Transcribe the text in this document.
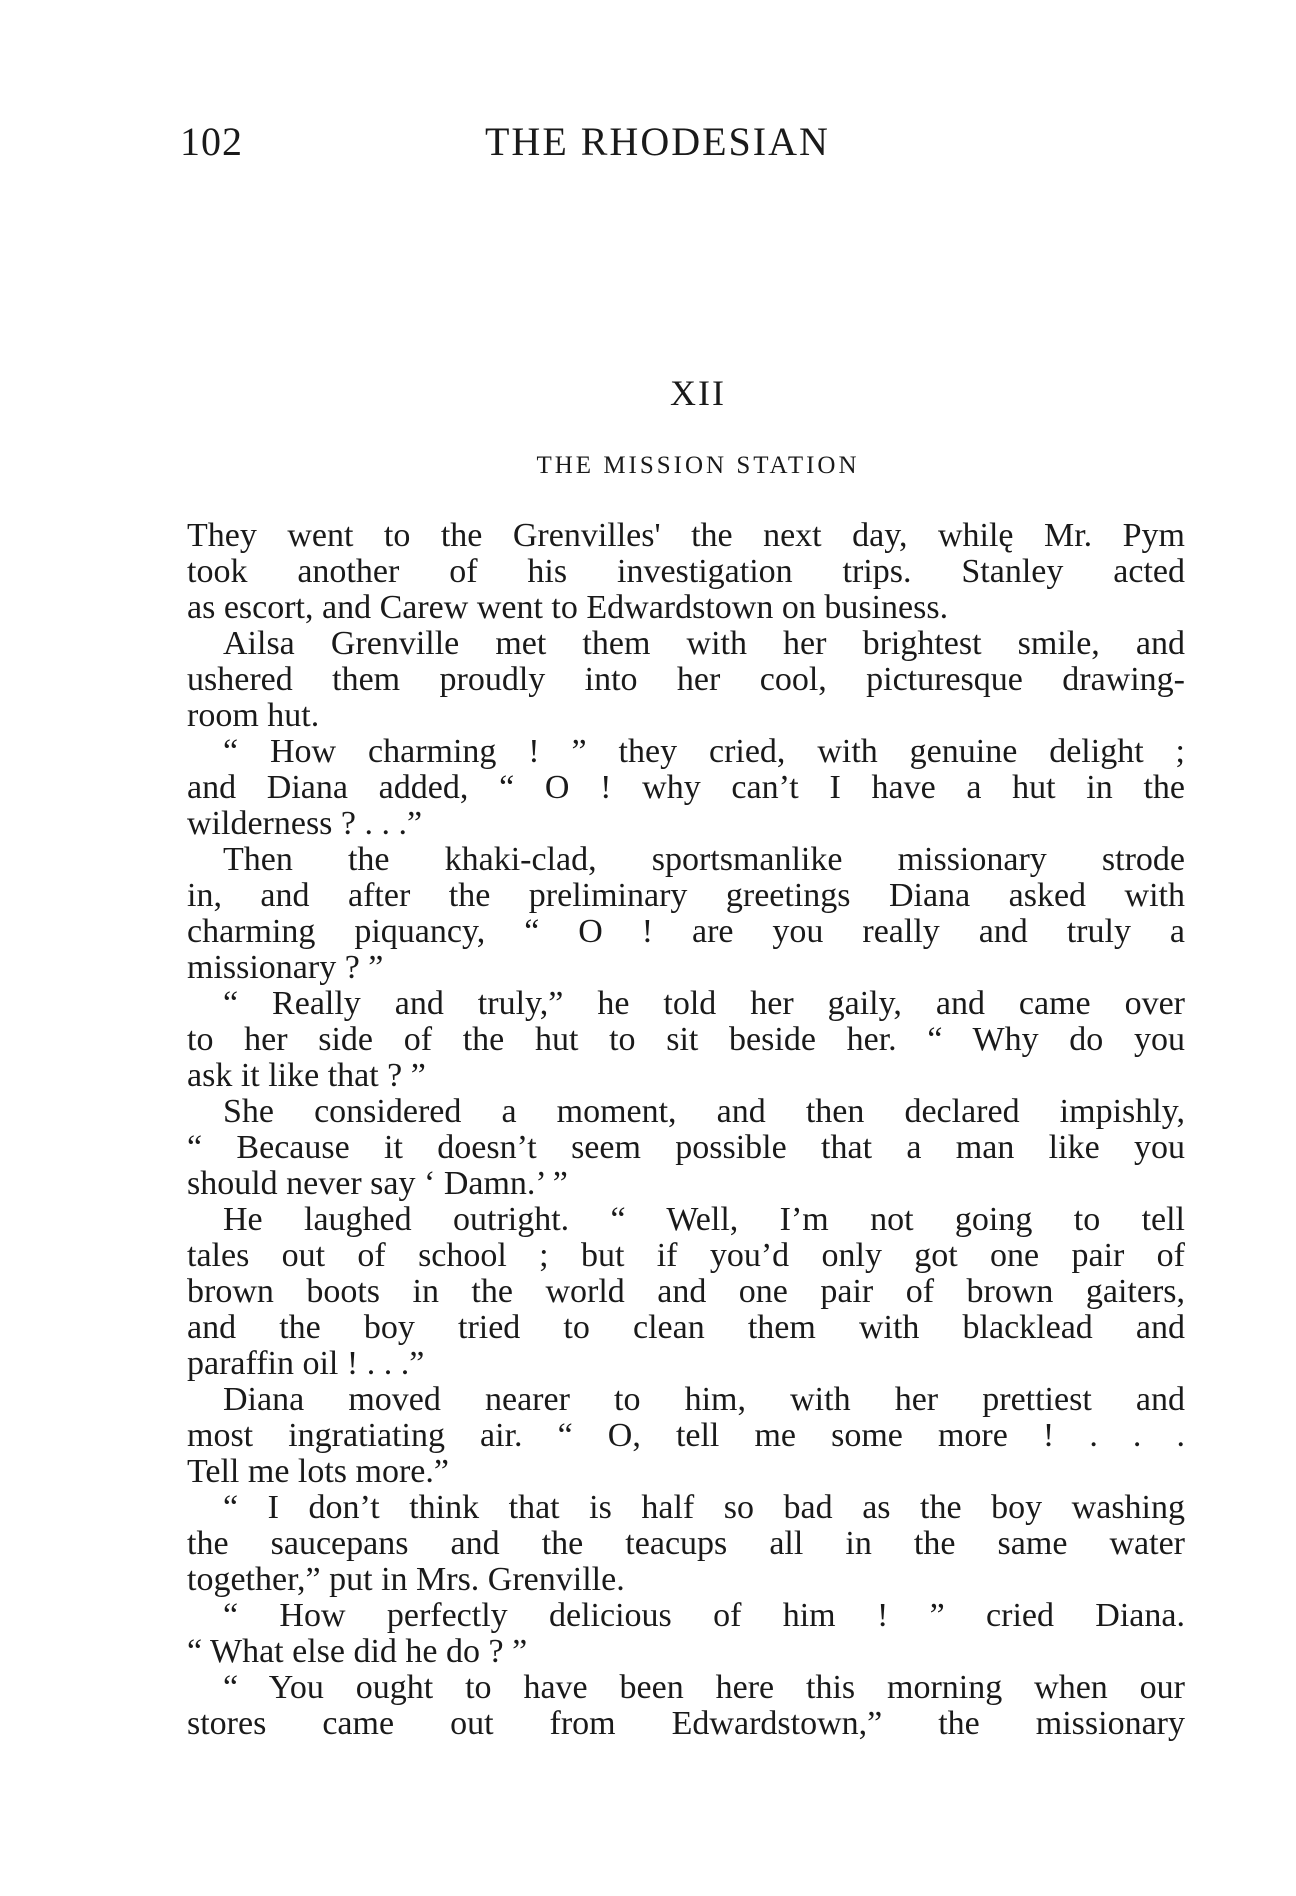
102	THE RHODESIAN
XII
THE MISSION STATION
They went to the Grenvilles' the next day, whilę Mr. Pym
took another of his investigation trips. Stanley acted
as escort, and Carew went to Edwardstown on business.
Ailsa Grenville met them with her brightest smile, and
ushered them proudly into her cool, picturesque drawing-
room hut.
“ How charming ! ” they cried, with genuine delight ;
and Diana added, “ O ! why can’t I have a hut in the
wilderness ? . . .”
Then the khaki-clad, sportsmanlike missionary strode
in, and after the preliminary greetings Diana asked with
charming piquancy, “ O ! are you really and truly a
missionary ? ”
“ Really and truly,” he told her gaily, and came over
to her side of the hut to sit beside her. “ Why do you
ask it like that ? ”
She considered a moment, and then declared impishly,
“ Because it doesn’t seem possible that a man like you
should never say ‘ Damn.’ ”
He laughed outright. “ Well, I’m not going to tell
tales out of school ; but if you’d only got one pair of
brown boots in the world and one pair of brown gaiters,
and the boy tried to clean them with blacklead and
paraffin oil ! . . .”
Diana moved nearer to him, with her prettiest and
most ingratiating air. “ O, tell me some more ! . . .
Tell me lots more.”
“ I don’t think that is half so bad as the boy washing
the saucepans and the teacups all in the same water
together,” put in Mrs. Grenville.
“ How perfectly delicious of him ! ” cried Diana.
“ What else did he do ? ”
“ You ought to have been here this morning when our
stores came out from Edwardstown,” the missionary
